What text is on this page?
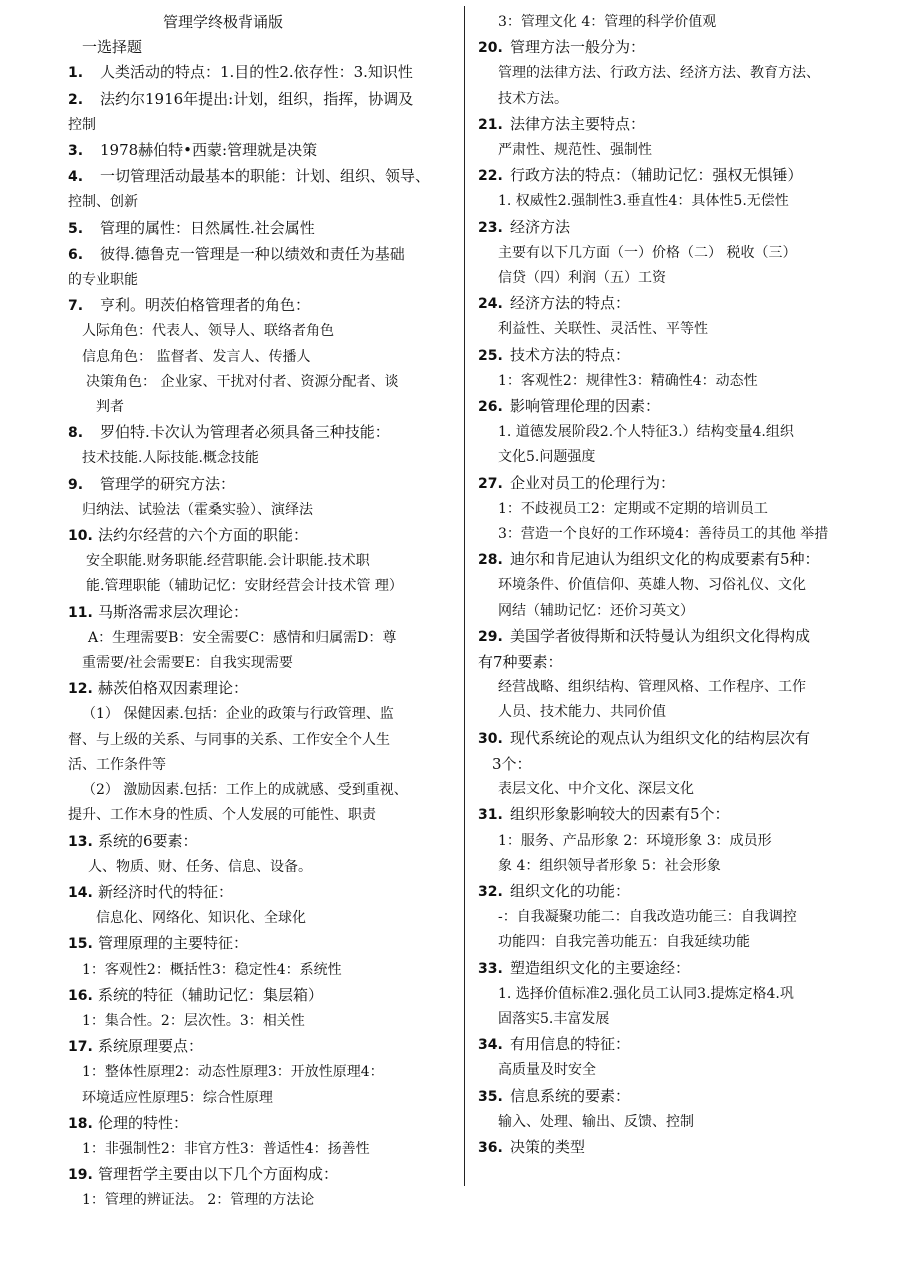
管理学终极背诵版
一选择题
1. 人类活动的特点：1.目的性2.依存性：3.知识性
2. 法约尔1916年提出:计划，组织，指挥，协调及
控制
3. 1978赫伯特•西蒙:管理就是决策
4. 一切管理活动最基本的职能：计划、组织、领导、
控制、创新
5. 管理的属性：日然属性.社会属性
6. 彼得.德鲁克一管理是一种以绩效和责任为基础
的专业职能
7. 亨利。明茨伯格管理者的角色：
人际角色：代表人、领导人、联络者角色
信息角色： 监督者、发言人、传播人
决策角色： 企业家、干扰对付者、资源分配者、谈
判者
8. 罗伯特.卡次认为管理者必须具备三种技能：
技术技能.人际技能.概念技能
9. 管理学的研究方法：
归纳法、试验法（霍桑实验）、演绎法
10. 法约尔经营的六个方面的职能：
安全职能.财务职能.经营职能.会计职能.技术职
能.管理职能（辅助记忆：安財经营会计技术管 理）
11. 马斯洛需求层次理论：
A：生理需要B：安全需要C：感情和归属需D：尊
重需要/社会需要E：自我实现需要
12. 赫茨伯格双因素理论：
（1） 保健因素.包括：企业的政策与行政管理、监
督、与上级的关系、与同事的关系、工作安全个人生
活、工作条件等
（2） 激励因素.包括：工作上的成就感、受到重视、
提升、工作木身的性质、个人发展的可能性、职责
13. 系统的6要素：
人、物质、财、任务、信息、设备。
14. 新经济时代的特征：
信息化、网络化、知识化、全球化
15. 管理原理的主要特征：
1：客观性2：概括性3：稳定性4：系统性
16. 系统的特征（辅助记忆：集层箱）
1：集合性。2：层次性。3：相关性
17. 系统原理要点：
1：整体性原理2：动态性原理3：开放性原理4：
环境适应性原理5：综合性原理
18. 伦理的特性：
1：非强制性2：非官方性3：普适性4：扬善性
19. 管理哲学主要由以下几个方面构成：
1：管理的辨证法。 2：管理的方法论
3：管理文化 4：管理的科学价值观
20. 管理方法一般分为：
管理的法律方法、行政方法、经济方法、教育方法、
技术方法。
21. 法律方法主要特点：
严肃性、规范性、强制性
22. 行政方法的特点：（辅助记忆：强权无惧锤）
1. 权威性2.强制性3.垂直性4：具体性5.无偿性
23. 经济方法
主要有以下几方面（一）价格（二） 税收（三）
信贷（四）利润（五）工资
24. 经济方法的特点：
利益性、关联性、灵活性、平等性
25. 技术方法的特点：
1：客观性2：规律性3：精确性4：动态性
26. 影响管理伦理的因素：
1. 道德发展阶段2.个人特征3.）结构变量4.组织
文化5.问题强度
27. 企业对员工的伦理行为：
1：不歧视员工2：定期或不定期的培训员工
3：营造一个良好的工作环境4：善待员工的其他 举措
28. 迪尔和肯尼迪认为组织文化的构成要素有5种：
环境条件、价值信仰、英雄人物、习俗礼仪、文化
网结（辅助记忆：还价习英文）
29. 美国学者彼得斯和沃特曼认为组织文化得构成
有7种要素：
经营战略、组织结构、管理风格、工作程序、工作
人员、技术能力、共同价值
30. 现代系统论的观点认为组织文化的结构层次有
3个：
表层文化、中介文化、深层文化
31. 组织形象影响较大的因素有5个：
1：服务、产品形象 2：环境形象 3：成员形
象 4：组织领导者形象 5：社会形象
32. 组织文化的功能：
-：自我凝聚功能二：自我改造功能三：自我调控
功能四：自我完善功能五：自我延续功能
33. 塑造组织文化的主要途经：
1. 选择价值标准2.强化员工认同3.提炼定格4.巩
固落实5.丰富发展
34. 有用信息的特征：
高质量及时安全
35. 信息系统的要素：
输入、处理、输出、反馈、控制
36. 决策的类型
